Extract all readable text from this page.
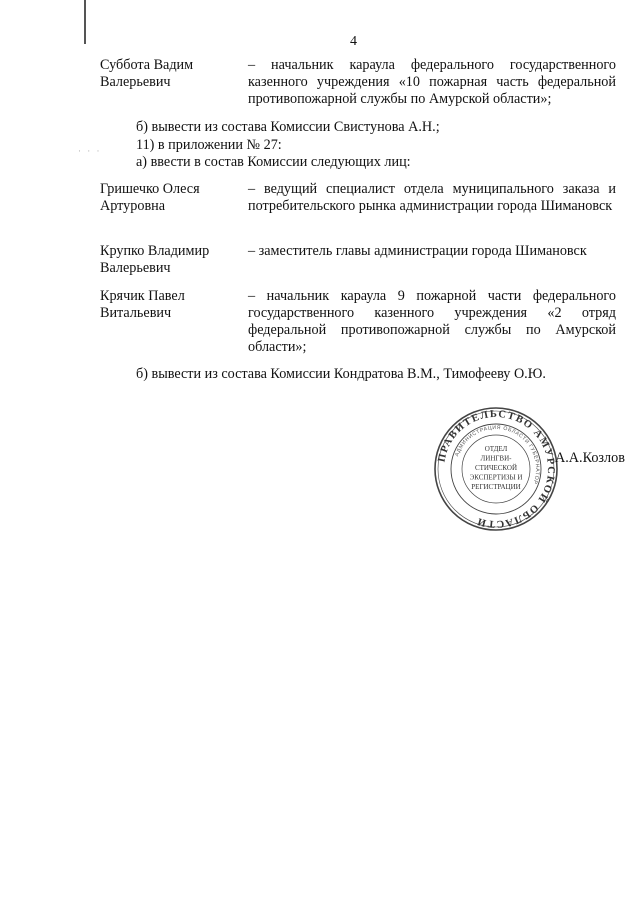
4
Суббота Вадим
Валерьевич
– начальник караула федерального государственного казенного учреждения «10 пожарная часть федеральной противопожарной службы по Амурской области»;
б) вывести из состава Комиссии Свистунова А.Н.;
· · · 11) в приложении № 27:
а) ввести в состав Комиссии следующих лиц:
Гришечко Олеся
Артуровна
– ведущий специалист отдела муниципального заказа и потребительского рынка администрации города Шимановск
Крупко Владимир
Валерьевич
– заместитель главы администрации города Шимановск
Крячик Павел
Витальевич
– начальник караула 9 пожарной части федерального государственного казенного учреждения «2 отряд федеральной противопожарной службы по Амурской области»;
б) вывести из состава Комиссии Кондратова В.М., Тимофееву О.Ю.
ПРАВИТЕЛЬСТВО АМУРСКОЙ ОБЛАСТИ
АДМИНИСТРАЦИЯ ОБЛАСТИ ГУБЕРНАТОР
ОТДЕЛ
ЛИНГВИ-
СТИЧЕСКОЙ
ЭКСПЕРТИЗЫ И
РЕГИСТРАЦИИ
А.А.Козлов
